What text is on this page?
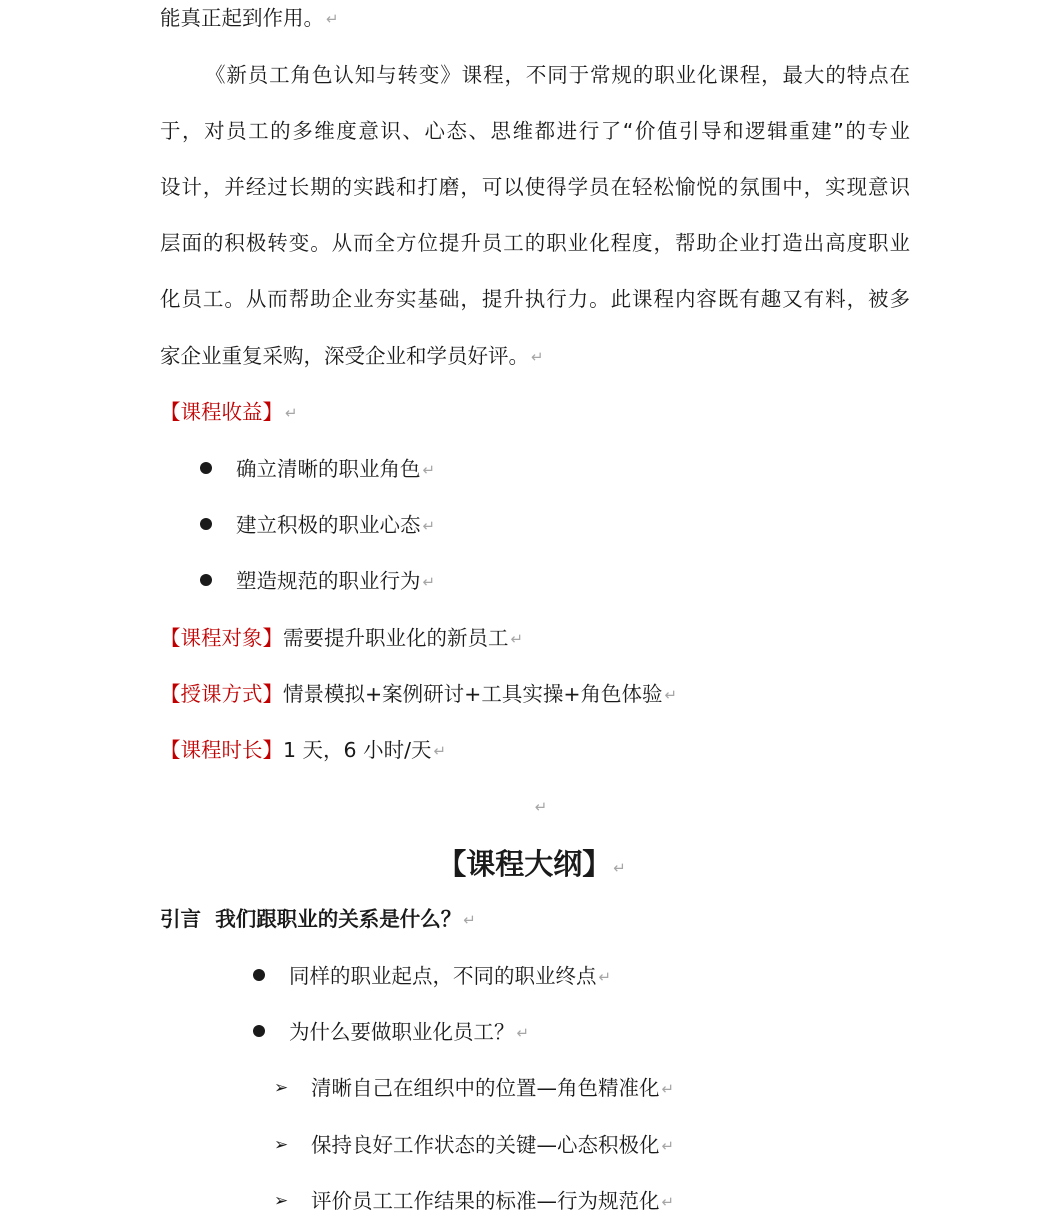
能真正起到作用。 ↵
《新员工角色认知与转变》课程，不同于常规的职业化课程，最大的特点在
于，对员工的多维度意识、心态、思维都进行了“价值引导和逻辑重建”的专业
设计，并经过长期的实践和打磨，可以使得学员在轻松愉悦的氛围中，实现意识
层面的积极转变。从而全方位提升员工的职业化程度，帮助企业打造出高度职业
化员工。从而帮助企业夯实基础，提升执行力。此课程内容既有趣又有料，被多
家企业重复采购，深受企业和学员好评。 ↵
【课程收益】 ↵
确立清晰的职业角色 ↵
建立积极的职业心态 ↵
塑造规范的职业行为 ↵
【课程对象】需要提升职业化的新员工 ↵
【授课方式】情景模拟+案例研讨+工具实操+角色体验 ↵
【课程时长】1 天，6 小时/天 ↵
↵
【课程大纲】 ↵
引言  我们跟职业的关系是什么？ ↵
同样的职业起点，不同的职业终点 ↵
为什么要做职业化员工？ ↵
➢ 清晰自己在组织中的位置—角色精准化 ↵
➢ 保持良好工作状态的关键—心态积极化 ↵
➢ 评价员工工作结果的标准—行为规范化 ↵
